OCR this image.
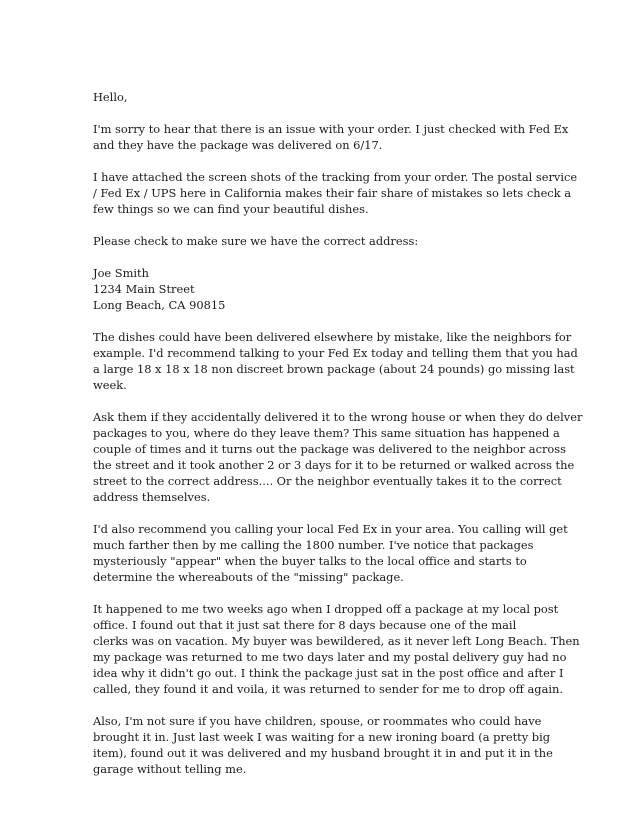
Hello,
I'm sorry to hear that there is an issue with your order. I just checked with Fed Ex
and they have the package was delivered on 6/17.
I have attached the screen shots of the tracking from your order. The postal service
/ Fed Ex / UPS here in California makes their fair share of mistakes so lets check a
few things so we can find your beautiful dishes.
Please check to make sure we have the correct address:
Joe Smith
1234 Main Street
Long Beach, CA 90815
The dishes could have been delivered elsewhere by mistake, like the neighbors for
example. I'd recommend talking to your Fed Ex today and telling them that you had
a large 18 x 18 x 18 non discreet brown package (about 24 pounds) go missing last
week.
Ask them if they accidentally delivered it to the wrong house or when they do delver
packages to you, where do they leave them? This same situation has happened a
couple of times and it turns out the package was delivered to the neighbor across
the street and it took another 2 or 3 days for it to be returned or walked across the
street to the correct address.... Or the neighbor eventually takes it to the correct
address themselves.
I'd also recommend you calling your local Fed Ex in your area. You calling will get
much farther then by me calling the 1800 number. I've notice that packages
mysteriously "appear" when the buyer talks to the local office and starts to
determine the whereabouts of the "missing" package.
It happened to me two weeks ago when I dropped off a package at my local post
office. I found out that it just sat there for 8 days because one of the mail
clerks was on vacation. My buyer was bewildered, as it never left Long Beach. Then
my package was returned to me two days later and my postal delivery guy had no
idea why it didn't go out. I think the package just sat in the post office and after I
called, they found it and voila, it was returned to sender for me to drop off again.
Also, I'm not sure if you have children, spouse, or roommates who could have
brought it in. Just last week I was waiting for a new ironing board (a pretty big
item), found out it was delivered and my husband brought it in and put it in the
garage without telling me.
